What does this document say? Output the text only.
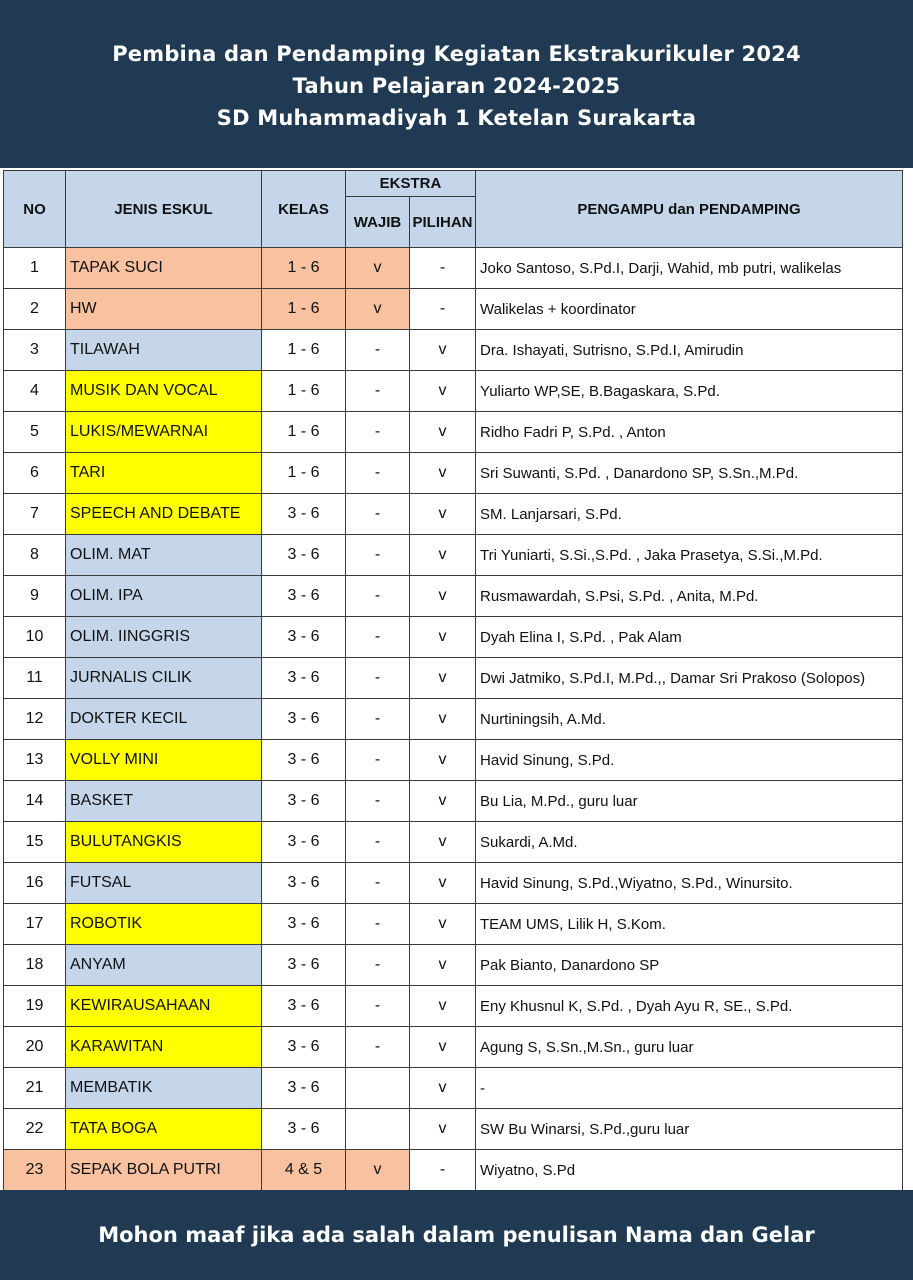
Pembina dan Pendamping Kegiatan Ekstrakurikuler 2024
Tahun Pelajaran 2024-2025
SD Muhammadiyah 1 Ketelan Surakarta
NO	JENIS ESKUL	KELAS	EKSTRA		PENGAMPU dan PENDAMPING
			WAJIB	PILIHAN	
1	TAPAK SUCI	1 - 6	v	-	Joko Santoso, S.Pd.I, Darji, Wahid, mb putri, walikelas
2	HW	1 - 6	v	-	Walikelas + koordinator
3	TILAWAH	1 - 6	-	v	Dra. Ishayati, Sutrisno, S.Pd.I, Amirudin
4	MUSIK DAN VOCAL	1 - 6	-	v	Yuliarto WP,SE, B.Bagaskara, S.Pd.
5	LUKIS/MEWARNAI	1 - 6	-	v	Ridho Fadri P, S.Pd. , Anton
6	TARI	1 - 6	-	v	Sri Suwanti, S.Pd. , Danardono SP, S.Sn.,M.Pd.
7	SPEECH AND DEBATE	3 - 6	-	v	SM. Lanjarsari, S.Pd.
8	OLIM. MAT	3 - 6	-	v	Tri Yuniarti, S.Si.,S.Pd. , Jaka Prasetya, S.Si.,M.Pd.
9	OLIM. IPA	3 - 6	-	v	Rusmawardah, S.Psi, S.Pd. , Anita, M.Pd.
10	OLIM. IINGGRIS	3 - 6	-	v	Dyah Elina I, S.Pd. , Pak Alam
11	JURNALIS CILIK	3 - 6	-	v	Dwi Jatmiko, S.Pd.I, M.Pd.,, Damar Sri Prakoso (Solopos)
12	DOKTER KECIL	3 - 6	-	v	Nurtiningsih, A.Md.
13	VOLLY MINI	3 - 6	-	v	Havid Sinung, S.Pd.
14	BASKET	3 - 6	-	v	Bu Lia, M.Pd., guru luar
15	BULUTANGKIS	3 - 6	-	v	Sukardi, A.Md.
16	FUTSAL	3 - 6	-	v	Havid Sinung, S.Pd.,Wiyatno, S.Pd., Winursito.
17	ROBOTIK	3 - 6	-	v	TEAM UMS, Lilik H, S.Kom.
18	ANYAM	3 - 6	-	v	Pak Bianto, Danardono SP
19	KEWIRAUSAHAAN	3 - 6	-	v	Eny Khusnul K, S.Pd. , Dyah Ayu R, SE., S.Pd.
20	KARAWITAN	3 - 6	-	v	Agung S, S.Sn.,M.Sn., guru luar
21	MEMBATIK	3 - 6		v	-
22	TATA BOGA	3 - 6		v	SW Bu Winarsi, S.Pd.,guru luar
23	SEPAK BOLA PUTRI	4 & 5	v	-	Wiyatno, S.Pd
Mohon maaf jika ada salah dalam penulisan Nama dan Gelar
